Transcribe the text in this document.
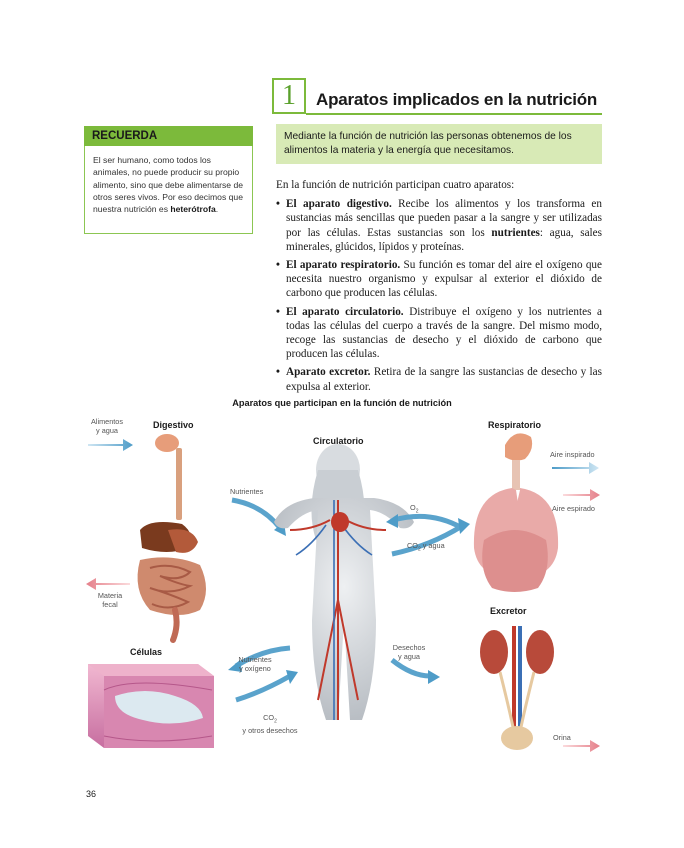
1	Aparatos implicados en la nutrición
RECUERDA
El ser humano, como todos los animales, no puede producir su propio alimento, sino que debe alimentarse de otros seres vivos. Por eso decimos que nuestra nutrición es heterótrofa.
Mediante la función de nutrición las personas obtenemos de los alimentos la materia y la energía que necesitamos.

En la función de nutrición participan cuatro aparatos:

• El aparato digestivo. Recibe los alimentos y los transforma en sustancias más sencillas que pueden pasar a la sangre y ser utilizadas por las células. Estas sustancias son los nutrientes: agua, sales minerales, glúcidos, lípidos y proteínas.
• El aparato respiratorio. Su función es tomar del aire el oxígeno que necesita nuestro organismo y expulsar al exterior el dióxido de carbono que producen las células.
• El aparato circulatorio. Distribuye el oxígeno y los nutrientes a todas las células del cuerpo a través de la sangre. Del mismo modo, recoge las sustancias de desecho y el dióxido de carbono que producen las células.
• Aparato excretor. Retira de la sangre las sustancias de desecho y las expulsa al exterior.
Aparatos que participan en la función de nutrición
Digestivo
Circulatorio
Respiratorio
Excretor
Células
Alimentos
y agua
Materia
fecal
Nutrientes
$O_2$
$CO_2$ y agua
Aire inspirado
Aire espirado
Nutrientes
y oxígeno
$CO_2$
y otros desechos
Desechos
y agua
Orina
36
